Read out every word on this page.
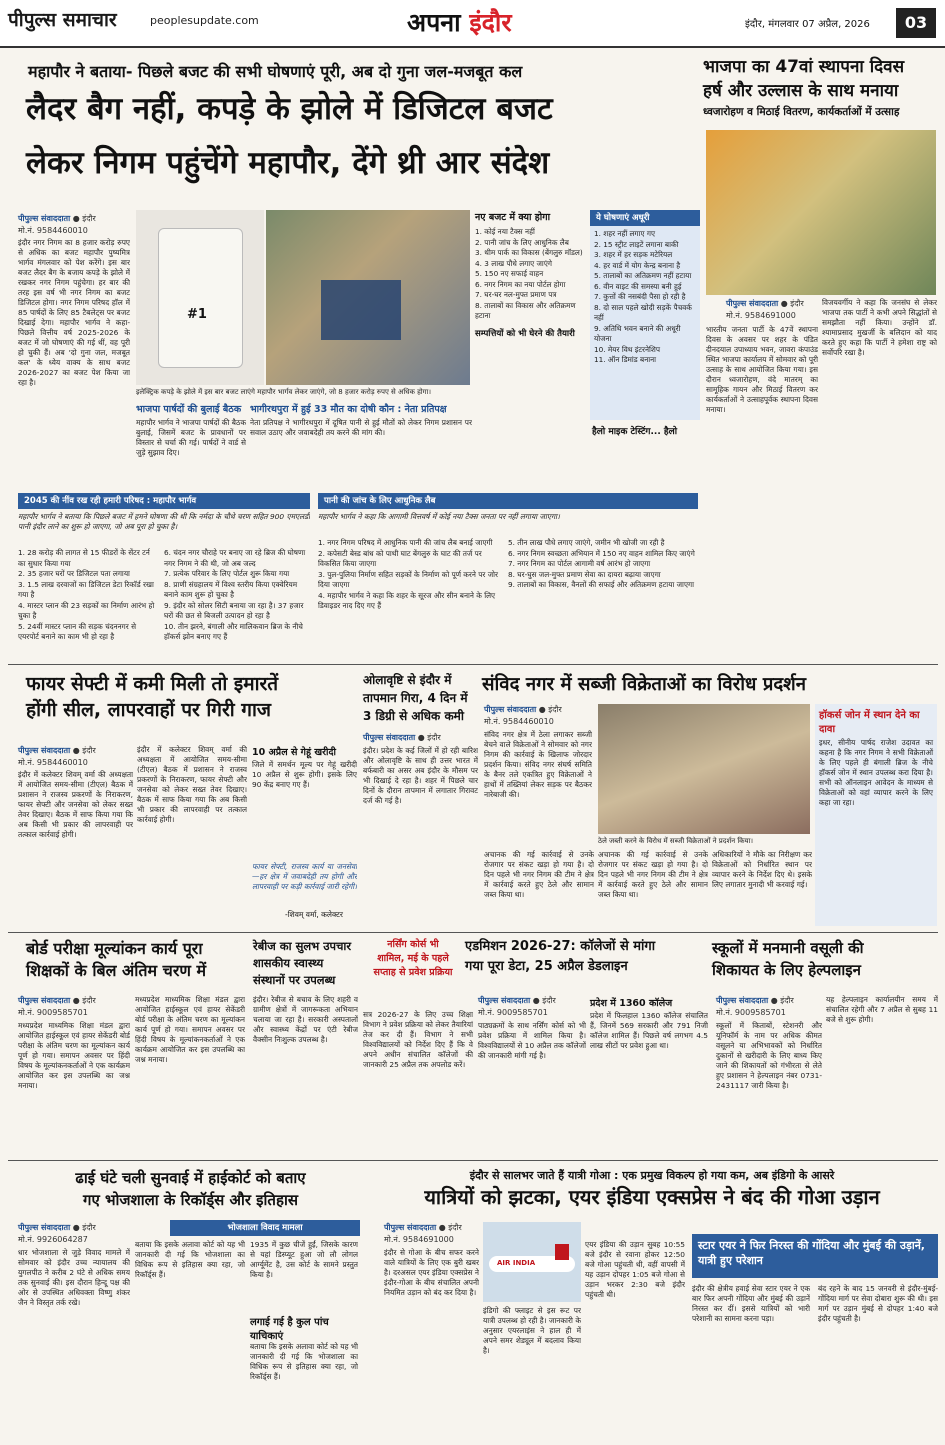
पीपुल्स समाचार	peoplesupdate.com	अपना इंदौर	इंदौर, मंगलवार 07 अप्रैल, 2026	03
महापौर ने बताया- पिछले बजट की सभी घोषणाएं पूरी, अब दो गुना जल-मजबूत कल
लैदर बैग नहीं, कपड़े के झोले में डिजिटल बजट
लेकर निगम पहुंचेंगे महापौर, देंगे थ्री आर संदेश
पीपुल्स संवाददाता ● इंदौर
मो.नं. 9584460010
इंदौर नगर निगम का 8 हजार करोड़ रुपए से अधिक का बजट महापौर पुष्यमित्र भार्गव मंगलवार को पेश करेंगे। इस बार बजट लैदर बैग के बजाय कपड़े के झोले में रखकर नगर निगम पहुंचेगा। हर बार की तरह इस वर्ष भी नगर निगम का बजट डिजिटल होगा। नगर निगम परिषद हॉल में 85 पार्षदों के लिए 85 टैबलेट्स पर बजट दिखाई देगा। महापौर भार्गव ने कहा- पिछले वित्तीय वर्ष 2025-2026 के बजट में जो घोषणाएं की गई थीं, वह पूरी हो चुकी हैं। अब 'दो गुना जल, मजबूत कल' के ध्येय वाक्य के साथ बजट 2026-2027 का बजट पेश किया जा रहा है।
#1
इलेक्ट्रिक कपड़े के झोले में इस बार बजट लाएंगे महापौर भार्गव लेकर जाएंगे, जो 8 हजार करोड़ रुपए से अधिक होगा।
भाजपा पार्षदों की बुलाई बैठक
महापौर भार्गव ने भाजपा पार्षदों की बैठक बुलाई, जिसमें बजट के प्रावधानों पर विस्तार से चर्चा की गई। पार्षदों ने वार्ड से जुड़े सुझाव दिए।
भागीरथपुरा में हुई 33 मौत का दोषी कौन : नेता प्रतिपक्ष
नेता प्रतिपक्ष ने भागीरथपुरा में दूषित पानी से हुई मौतों को लेकर निगम प्रशासन पर सवाल उठाए और जवाबदेही तय करने की मांग की।
नए बजट में क्या होगा
1. कोई नया टैक्स नहीं
2. पानी जांच के लिए आधुनिक लैब
3. थीम पार्क का विकास (बेंगलुरु मॉडल)
4. 3 लाख पौधे लगाए जाएंगे
5. 150 नए सफाई वाहन
6. नगर निगम का नया पोर्टल होगा
7. घर-घर नल-मुफ्त प्रमाण पत्र
8. तालाबों का विकास और अतिक्रमण हटाना
सम्पत्तियों को भी घेरने की तैयारी
ये घोषणाएं अधूरी
1. शहर नहीं लगाए गए
2. 15 स्ट्रीट लाइटें लगाना बाकी
3. शहर में हर सड़क मटेरियल
4. हर वार्ड में योग केन्द्र बनाना है
5. तालाबों का अतिक्रमण नहीं हटाया
6. वीन वाइट की समस्या बनी हुई
7. कुत्तों की नसबंदी पैसा हो रही है
8. दो साल पहले खोदी सड़कें पैचवर्क नहीं
9. अतिथि भवन बनाने की अधूरी योजना
10. मेयर विथ इंटरनेशिप
11. ऑन डिमांड बनाना
हैलो माइक टेस्टिंग... हैलो
भाजपा का 47वां स्थापना दिवस
हर्ष और उल्लास के साथ मनाया
ध्वजारोहण व मिठाई वितरण, कार्यकर्ताओं में उत्साह
पीपुल्स संवाददाता ● इंदौर
मो.नं. 9584691000
भारतीय जनता पार्टी के 47वें स्थापना दिवस के अवसर पर शहर के पंडित दीनदयाल उपाध्याय भवन, जावरा कंपाउंड स्थित भाजपा कार्यालय में सोमवार को पूरी उत्साह के साथ आयोजित किया गया। इस दौरान ध्वजारोहण, वंदे मातरम् का सामूहिक गायन और मिठाई वितरण कर कार्यकर्ताओं ने उत्साहपूर्वक स्थापना दिवस मनाया।
विजयवर्गीय ने कहा कि जनसंघ से लेकर भाजपा तक पार्टी ने कभी अपने सिद्धांतों से समझौता नहीं किया। उन्होंने डॉ. श्यामाप्रसाद मुखर्जी के बलिदान को याद करते हुए कहा कि पार्टी ने हमेशा राष्ट्र को सर्वोपरि रखा है।
2045 की नींव रख रही हमारी परिषद : महापौर भार्गव
महापौर भार्गव ने बताया कि पिछले बजट में हमने घोषणा की थी कि नर्मदा के चौथे चरण सहित 900 एमएलडी पानी इंदौर लाने का शुरू हो जाएगा, जो अब पूरा हो चुका है।
1. 28 करोड़ की लागत से 15 फीडरों के सेंटर टर्न का सुधार किया गया
2. 35 हजार घरों पर डिजिटल पता लगाया
3. 1.5 लाख दरवाजों का डिजिटल डेटा रिकॉर्ड रखा गया है
4. मास्टर प्लान की 23 सड़कों का निर्माण आरंभ हो चुका है
5. 24वीं मास्टर प्लान की सड़क चंदननगर से एयरपोर्ट बनाने का काम भी हो रहा है
6. चंदन नगर चौराहे पर बनाए जा रहे ब्रिज की घोषणा नगर निगम ने की थी, जो अब जल्द
7. प्रत्येक परिवार के लिए पोर्टल शुरू किया गया
8. प्राणी संग्रहालय में विश्व स्तरीय किया एक्वेरियम बनाने काम शुरू हो चुका है
9. इंदौर को सोलर सिटी बनाया जा रहा है। 37 हजार घरों की छत से बिजली उत्पादन हो रहा है
10. तीन झरने, बंगाली और मालिकवान ब्रिज के नीचे हॉकर्स झोन बनाए गए हैं
पानी की जांच के लिए आधुनिक लैब
महापौर भार्गव ने कहा कि आगामी वित्तवर्ष में कोई नया टैक्स जनता पर नहीं लगाया जाएगा।
1. नगर निगम परिषद में आधुनिक पानी की जांच लैब बनाई जाएगी
2. कपेसटी बेस्ड बांध को पाथी घाट बेंगलुरु के घाट की तर्ज पर विकसित किया जाएगा
3. पुल-पुलिया निर्माण सहित सड़कों के निर्माण को पूर्ण करने पर जोर दिया जाएगा
4. महापौर भार्गव ने कहा कि शहर के सूरज और सीन बनाने के लिए डिवाइडर नाद दिए गए हैं
5. तीन लाख पौधे लगाए जाएंगे, जमीन भी खोजी जा रही है
6. नगर निगम स्वच्छता अभियान में 150 नए वाहन शामिल किए जाएंगे
7. नगर निगम का पोर्टल आगामी वर्ष आरंभ हो जाएगा
8. घर-घुस जल-मुफ्त प्रमाण सेवा का दायरा बढ़ाया जाएगा
9. तालाबों का विकास, वैनलों की सफाई और अतिक्रमण हटाया जाएगा
फायर सेफ्टी में कमी मिली तो इमारतें
होंगी सील, लापरवाहों पर गिरी गाज
पीपुल्स संवाददाता ● इंदौर
मो.नं. 9584460010
इंदौर में कलेक्टर शिवम् वर्मा की अध्यक्षता में आयोजित समय-सीमा (टीएल) बैठक में प्रशासन ने राजस्व प्रकरणों के निराकरण, फायर सेफ्टी और जनसेवा को लेकर सख्त तेवर दिखाए। बैठक में साफ किया गया कि अब किसी भी प्रकार की लापरवाही पर तत्काल कार्रवाई होगी।
इंदौर में कलेक्टर शिवम् वर्मा की अध्यक्षता में आयोजित समय-सीमा (टीएल) बैठक में प्रशासन ने राजस्व प्रकरणों के निराकरण, फायर सेफ्टी और जनसेवा को लेकर सख्त तेवर दिखाए। बैठक में साफ किया गया कि अब किसी भी प्रकार की लापरवाही पर तत्काल कार्रवाई होगी।
10 अप्रैल से गेहूं खरीदी
जिले में समर्थन मूल्य पर गेहूं खरीदी 10 अप्रैल से शुरू होगी। इसके लिए 90 केंद्र बनाए गए हैं।
फायर सेफ्टी, राजस्व कार्य या जनसेवा—हर क्षेत्र में जवाबदेही तय होगी और लापरवाही पर कड़ी कार्रवाई जारी रहेगी।
-शिवम् वर्मा, कलेक्टर
ओलावृष्टि से इंदौर में
तापमान गिरा, 4 दिन में
3 डिग्री से अधिक कमी
पीपुल्स संवाददाता ● इंदौर
इंदौर। प्रदेश के कई जिलों में हो रही बारिश और ओलावृष्टि के साथ ही उत्तर भारत में बर्फबारी का असर अब इंदौर के मौसम पर भी दिखाई दे रहा है। शहर में पिछले चार दिनों के दौरान तापमान में लगातार गिरावट दर्ज की गई है।
संविद नगर में सब्जी विक्रेताओं का विरोध प्रदर्शन
पीपुल्स संवाददाता ● इंदौर
मो.नं. 9584460010
संविद नगर क्षेत्र में ठेला लगाकर सब्जी बेचने वाले विक्रेताओं ने सोमवार को नगर निगम की कार्रवाई के खिलाफ जोरदार प्रदर्शन किया। संविद नगर संघर्ष समिति के बैनर तले एकत्रित हुए विक्रेताओं ने हाथों में तख्तियां लेकर सड़क पर बैठकर नारेबाजी की।
ठेले जब्ती करने के विरोध में सब्जी विक्रेताओं ने प्रदर्शन किया।
अचानक की गई कार्रवाई से उनके रोजगार पर संकट खड़ा हो गया है। दो दिन पहले भी नगर निगम की टीम ने क्षेत्र में कार्रवाई करते हुए ठेले और सामान जब्त किया था।
अचानक की गई कार्रवाई से उनके रोजगार पर संकट खड़ा हो गया है। दो दिन पहले भी नगर निगम की टीम ने क्षेत्र में कार्रवाई करते हुए ठेले और सामान जब्त किया था।
अधिकारियों ने मौके का निरीक्षण कर विक्रेताओं को निर्धारित स्थान पर व्यापार करने के निर्देश दिए थे। इसके लिए लगातार मुनादी भी करवाई गई।
हॉकर्स जोन में स्थान देने का दावा
इधर, सीनीय पार्षद राजेश उदावत का कहना है कि नगर निगम ने सभी विक्रेताओं के लिए पहले ही बंगाली ब्रिज के नीचे हॉकर्स जोन में स्थान उपलब्ध करा दिया है। सभी को ऑनलाइन आवेदन के माध्यम से विक्रेताओं को वहां व्यापार करने के लिए कहा जा रहा।
बोर्ड परीक्षा मूल्यांकन कार्य पूरा
शिक्षकों के बिल अंतिम चरण में
पीपुल्स संवाददाता ● इंदौर
मो.नं. 9009585701
मध्यप्रदेश माध्यमिक शिक्षा मंडल द्वारा आयोजित हाईस्कूल एवं हायर सेकेंडरी बोर्ड परीक्षा के अंतिम चरण का मूल्यांकन कार्य पूर्ण हो गया। समापन अवसर पर हिंदी विषय के मूल्यांकनकर्ताओं ने एक कार्यक्रम आयोजित कर इस उपलब्धि का जश्न मनाया।
मध्यप्रदेश माध्यमिक शिक्षा मंडल द्वारा आयोजित हाईस्कूल एवं हायर सेकेंडरी बोर्ड परीक्षा के अंतिम चरण का मूल्यांकन कार्य पूर्ण हो गया। समापन अवसर पर हिंदी विषय के मूल्यांकनकर्ताओं ने एक कार्यक्रम आयोजित कर इस उपलब्धि का जश्न मनाया।
रेबीज का सुलभ उपचार
शासकीय स्वास्थ्य
संस्थानों पर उपलब्ध
इंदौर। रेबीज से बचाव के लिए शहरी व ग्रामीण क्षेत्रों में जागरूकता अभियान चलाया जा रहा है। सरकारी अस्पतालों और स्वास्थ्य केंद्रों पर एंटी रेबीज वैक्सीन निःशुल्क उपलब्ध है।
नर्सिंग कोर्स भी
शामिल, मई के पहले
सप्ताह से प्रवेश प्रक्रिया
सत्र 2026-27 के लिए उच्च शिक्षा विभाग ने प्रवेश प्रक्रिया को लेकर तैयारियां तेज कर दी हैं। विभाग ने सभी विश्वविद्यालयों को निर्देश दिए हैं कि वे अपने अधीन संचालित कॉलेजों की जानकारी 25 अप्रैल तक अपलोड करें।
एडमिशन 2026-27: कॉलेजों से मांगा
गया पूरा डेटा, 25 अप्रैल डेडलाइन
पीपुल्स संवाददाता ● इंदौर
मो.नं. 9009585701
पाठ्यक्रमों के साथ नर्सिंग कोर्स को भी प्रवेश प्रक्रिया में शामिल किया है। विश्वविद्यालयों से 10 अप्रैल तक कॉलेजों की जानकारी मांगी गई है।
प्रदेश में 1360 कॉलेज
प्रदेश में फिलहाल 1360 कॉलेज संचालित हैं, जिनमें 569 सरकारी और 791 निजी कॉलेज शामिल हैं। पिछले वर्ष लगभग 4.5 लाख सीटों पर प्रवेश हुआ था।
स्कूलों में मनमानी वसूली की
शिकायत के लिए हेल्पलाइन
पीपुल्स संवाददाता ● इंदौर
मो.नं. 9009585701
स्कूलों में किताबों, स्टेशनरी और यूनिफॉर्म के नाम पर अधिक कीमत वसूलने या अभिभावकों को निर्धारित दुकानों से खरीदारी के लिए बाध्य किए जाने की शिकायतों को गंभीरता से लेते हुए प्रशासन ने हेल्पलाइन नंबर 0731-2431117 जारी किया है।
यह हेल्पलाइन कार्यालयीन समय में संचालित रहेगी और 7 अप्रैल से सुबह 11 बजे से शुरू होगी।
ढाई घंटे चली सुनवाई में हाईकोर्ट को बताए
गए भोजशाला के रिकॉर्ड्स और इतिहास
पीपुल्स संवाददाता ● इंदौर
मो.नं. 9926064287
भोजशाला विवाद मामला
धार भोजशाला से जुड़े विवाद मामले में सोमवार को इंदौर उच्च न्यायालय की युगलपीठ ने करीब 2 घंटे से अधिक समय तक सुनवाई की। इस दौरान हिन्दू पक्ष की ओर से उपस्थित अधिवक्ता विष्णु शंकर जैन ने विस्तृत तर्क रखे।
बताया कि इसके अलावा कोर्ट को यह भी जानकारी दी गई कि भोजशाला का विधिक रूप से इतिहास क्या रहा, जो रिकॉर्ड्स हैं।
1935 में कुछ चीजें हुईं, जिसके कारण से यहां डिस्प्यूट हुआ जो लौ लोगल आर्ग्यूमेंट है, उस कोर्ट के सामने प्रस्तुत किया है।
लगाई गई है कुल पांच याचिकाएं
बताया कि इसके अलावा कोर्ट को यह भी जानकारी दी गई कि भोजशाला का विधिक रूप से इतिहास क्या रहा, जो रिकॉर्ड्स हैं।
इंदौर से सालभर जाते हैं यात्री गोआ : एक प्रमुख विकल्प हो गया कम, अब इंडिगो के आसरे
यात्रियों को झटका, एयर इंडिया एक्सप्रेस ने बंद की गोआ उड़ान
पीपुल्स संवाददाता ● इंदौर
मो.नं. 9584691000
इंदौर से गोआ के बीच सफर करने वाले यात्रियों के लिए एक बुरी खबर है। दरअसल एयर इंडिया एक्सप्रेस ने इंदौर-गोआ के बीच संचालित अपनी नियमित उड़ान को बंद कर दिया है।
AIR INDIA
इंडिगो की फ्लाइट से इस रूट पर यात्री उपलब्ध हो रही है। जानकारी के अनुसार एयरलाइंस ने हाल ही में अपने समर शेड्यूल में बदलाव किया है।
एयर इंडिया की उड़ान सुबह 10:55 बजे इंदौर से रवाना होकर 12:50 बजे गोआ पहुंचती थी, वहीं वापसी में यह उड़ान दोपहर 1:05 बजे गोआ से उड़ान भरकर 2:30 बजे इंदौर पहुंचती थी।
स्टार एयर ने फिर निरस्त की गोंदिया और मुंबई की उड़ानें, यात्री हुए परेशान
इंदौर की क्षेत्रीय हवाई सेवा स्टार एयर ने एक बार फिर अपनी गोंदिया और मुंबई की उड़ानें निरस्त कर दीं। इससे यात्रियों को भारी परेशानी का सामना करना पड़ा।
बंद रहने के बाद 15 जनवरी से इंदौर-मुंबई-गोंदिया मार्ग पर सेवा दोबारा शुरू की थी। इस मार्ग पर उड़ान मुंबई से दोपहर 1:40 बजे इंदौर पहुंचती है।
